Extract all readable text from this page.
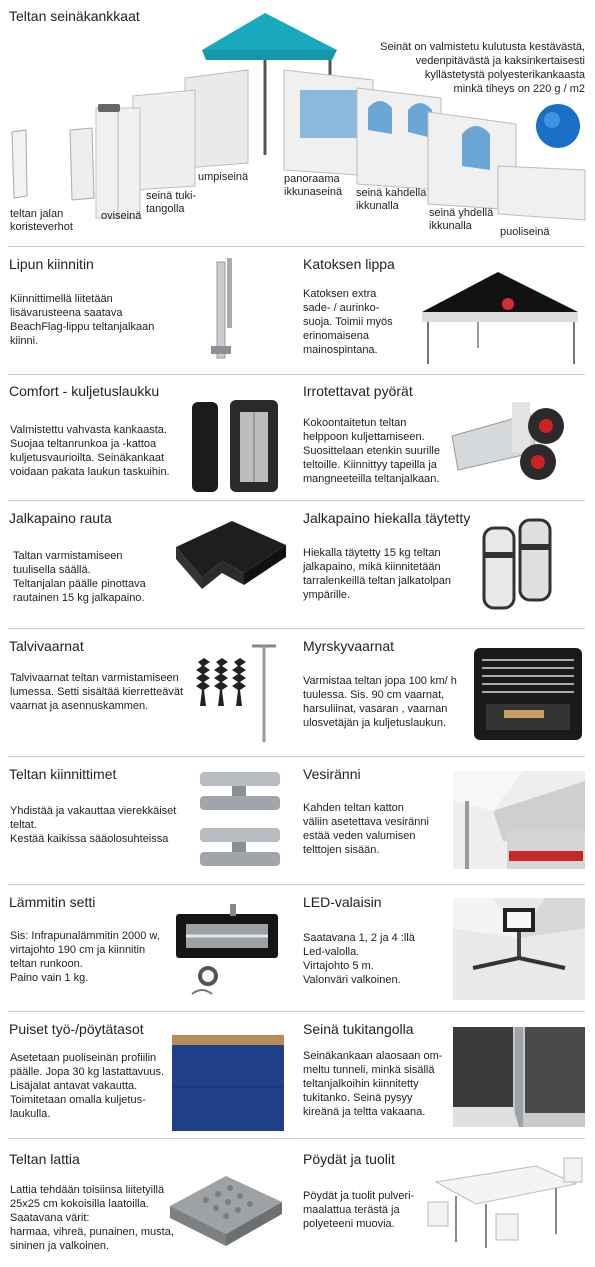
Teltan seinäkankkaat
Seinät on valmistetu kulutusta kestävästä,
vedenpitävästä ja kaksinkertaisesti
kyllästetystä polyesterikankaasta
minkä tiheys on 220 g / m2
teltan jalan
koristeverhot
oviseinä
seinä tuki-
tangolla
umpiseinä	panoraama
ikkunaseinä seinä kahdella
ikkunalla
seinä yhdellä
ikkunalla	puoliseinä
Lipun kiinnitin
Kiinnittimellä liitetään
lisävarusteena saatava
BeachFlag-lippu teltanjalkaan
kiinni.
Katoksen lippa
Katoksen extra
sade- / aurinko-
suoja. Toimii myös
erinomaisena
mainospintana.
Comfort - kuljetuslaukku
Valmistettu vahvasta kankaasta.
Suojaa teltanrunkoa ja -kattoa
kuljetusvaurioilta. Seinäkankaat
voidaan pakata laukun taskuihin.
Irrotettavat pyörät
Kokoontaitetun teltan
helppoon kuljettamiseen.
Suosittelaan etenkin suurille
teltoille. Kiinnittyy tapeilla ja
mangneeteilla teltanjalkaan.
Jalkapaino rauta
Taltan varmistamiseen
tuulisella säällä.
Teltanjalan päälle pinottava
rautainen 15 kg jalkapaino.
Jalkapaino hiekalla täytetty
Hiekalla täytetty 15 kg teltan
jalkapaino, mikä kiinnitetään
tarralenkeillä teltan jalkatolpan
ympärille.
Talvivaarnat
Talvivaarnat teltan varmistamiseen
lumessa. Setti sisältää kierretteävät
vaarnat ja asennuskammen.
Myrskyvaarnat
Varmistaa teltan jopa 100 km/ h
tuulessa. Sis. 90 cm vaarnat,
harsuliinat, vasaran , vaarnan
ulosvetäjän ja kuljetuslaukun.
Teltan kiinnittimet
Yhdistää ja vakauttaa vierekkäiset
teltat.
Kestää kaikissa sääolosuhteissa
Vesiränni
Kahden teltan katton
väliin asetettava vesiränni
estää veden valumisen
telttojen sisään.
Lämmitin setti
Sis: Infrapunalämmitin 2000 w,
virtajohto 190 cm ja kiinnitin
teltan runkoon.
Paino vain 1 kg.
LED-valaisin
Saatavana 1, 2 ja 4 :llä
Led-valolla.
Virtajohto 5 m.
Valonväri valkoinen.
Puiset työ-/pöytätasot
Asetetaan puoliseinän profiilin
päälle. Jopa 30 kg lastattavuus.
Lisäjalat antavat vakautta.
Toimitetaan omalla kuljetus-
laukulla.
Seinä tukitangolla
Seinäkankaan alaosaan om-
meltu tunneli, minkä sisällä
teltanjalkoihin kiinnitetty
tukitanko. Seinä pysyy
kireänä ja teltta vakaana.
Teltan lattia
Lattia tehdään toisiinsa liitetyillä
25x25 cm kokoisilla laatoilla.
Saatavana värit:
harmaa, vihreä, punainen, musta,
sininen ja valkoinen.
Pöydät ja tuolit
Pöydät ja tuolit pulveri-
maalattua terästä ja
polyeteeni muovia.
